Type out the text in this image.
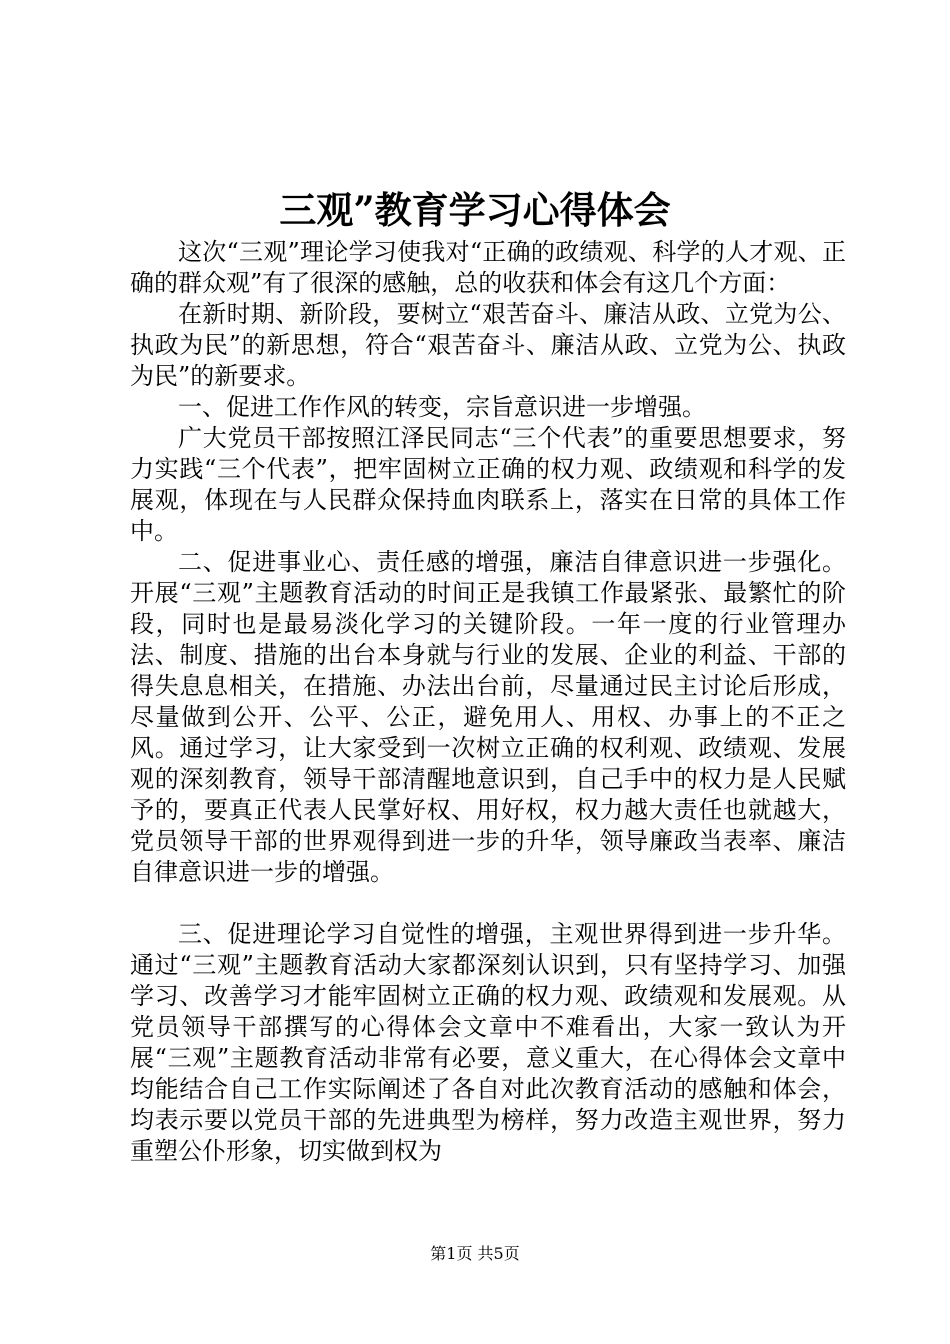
三观”教育学习心得体会

这次“三观”理论学习使我对“正确的政绩观、科学的人才观、正确的群众观”有了很深的感触，总的收获和体会有这几个方面：

在新时期、新阶段，要树立“艰苦奋斗、廉洁从政、立党为公、执政为民”的新思想，符合“艰苦奋斗、廉洁从政、立党为公、执政为民”的新要求。

一、促进工作作风的转变，宗旨意识进一步增强。

广大党员干部按照江泽民同志“三个代表”的重要思想要求，努力实践“三个代表”，把牢固树立正确的权力观、政绩观和科学的发展观，体现在与人民群众保持血肉联系上，落实在日常的具体工作中。

二、促进事业心、责任感的增强，廉洁自律意识进一步强化。开展“三观”主题教育活动的时间正是我镇工作最紧张、最繁忙的阶段，同时也是最易淡化学习的关键阶段。一年一度的行业管理办法、制度、措施的出台本身就与行业的发展、企业的利益、干部的得失息息相关，在措施、办法出台前，尽量通过民主讨论后形成，尽量做到公开、公平、公正，避免用人、用权、办事上的不正之风。通过学习，让大家受到一次树立正确的权利观、政绩观、发展观的深刻教育，领导干部清醒地意识到，自己手中的权力是人民赋予的，要真正代表人民掌好权、用好权，权力越大责任也就越大，党员领导干部的世界观得到进一步的升华，领导廉政当表率、廉洁自律意识进一步的增强。

三、促进理论学习自觉性的增强，主观世界得到进一步升华。通过“三观”主题教育活动大家都深刻认识到，只有坚持学习、加强学习、改善学习才能牢固树立正确的权力观、政绩观和发展观。从党员领导干部撰写的心得体会文章中不难看出，大家一致认为开展“三观”主题教育活动非常有必要，意义重大，在心得体会文章中均能结合自己工作实际阐述了各自对此次教育活动的感触和体会，均表示要以党员干部的先进典型为榜样，努力改造主观世界，努力重塑公仆形象，切实做到权为

第1页 共5页
